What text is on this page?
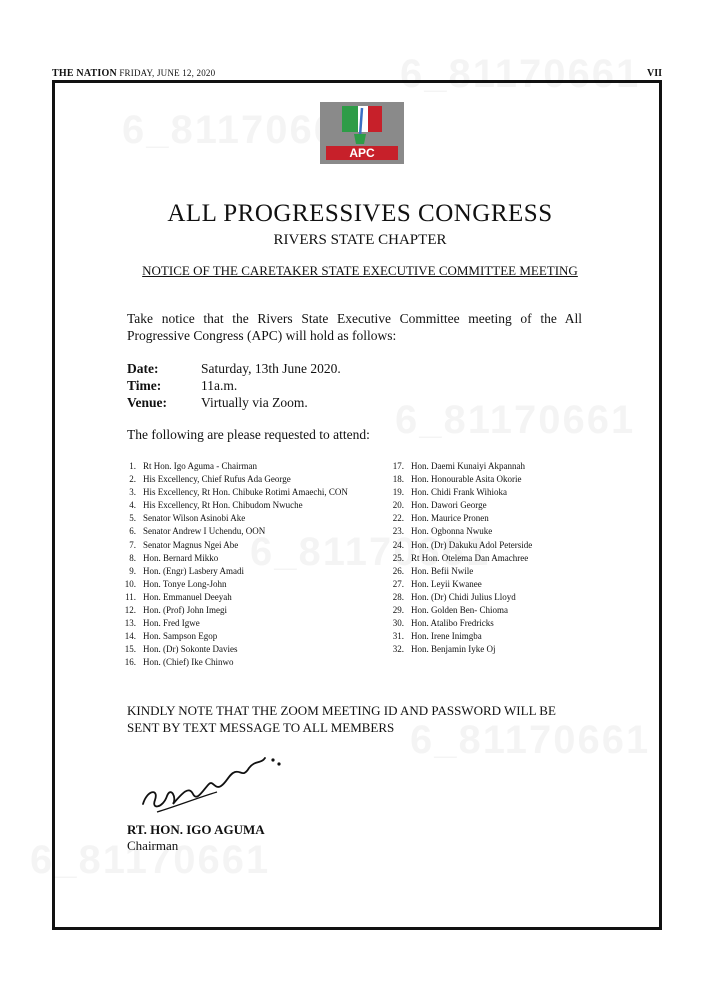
THE NATION FRIDAY, JUNE 12, 2020	VII
APC
ALL PROGRESSIVES CONGRESS
RIVERS STATE CHAPTER
NOTICE OF THE CARETAKER STATE EXECUTIVE COMMITTEE MEETING
Take notice that the Rivers State Executive Committee meeting of the All Progressive Congress (APC) will hold as follows:
Date:	Saturday, 13th June 2020.
Time:	11a.m.
Venue:	Virtually via Zoom.
The following are please requested to attend:
1. Rt Hon. Igo Aguma - Chairman
2. His Excellency, Chief Rufus Ada George
3. His Excellency, Rt Hon. Chibuke Rotimi Amaechi, CON
4. His Excellency, Rt Hon. Chibudom Nwuche
5. Senator Wilson Asinobi Ake
6. Senator Andrew I Uchendu, OON
7. Senator Magnus Ngei Abe
8. Hon. Bernard Mikko
9. Hon. (Engr) Lasbery Amadi
10. Hon. Tonye Long-John
11. Hon. Emmanuel Deeyah
12. Hon. (Prof) John Imegi
13. Hon. Fred Igwe
14. Hon. Sampson Egop
15. Hon. (Dr) Sokonte Davies
16. Hon. (Chief) Ike Chinwo
17. Hon. Daemi Kunaiyi Akpannah
18. Hon. Honourable Asita Okorie
19. Hon. Chidi Frank Wihioka
20. Hon. Dawori George
22. Hon. Maurice Pronen
23. Hon. Ogbonna Nwuke
24. Hon. (Dr) Dakuku Adol Peterside
25. Rt Hon. Otelema Dan Amachree
26. Hon. Befii Nwile
27. Hon. Leyii Kwanee
28. Hon. (Dr) Chidi Julius Lloyd
29. Hon. Golden Ben- Chioma
30. Hon. Atalibo Fredricks
31. Hon. Irene Inimgba
32. Hon. Benjamin Iyke Oj
KINDLY NOTE THAT THE ZOOM MEETING ID AND PASSWORD WILL BE SENT BY TEXT MESSAGE TO ALL MEMBERS
RT. HON. IGO AGUMA
Chairman
